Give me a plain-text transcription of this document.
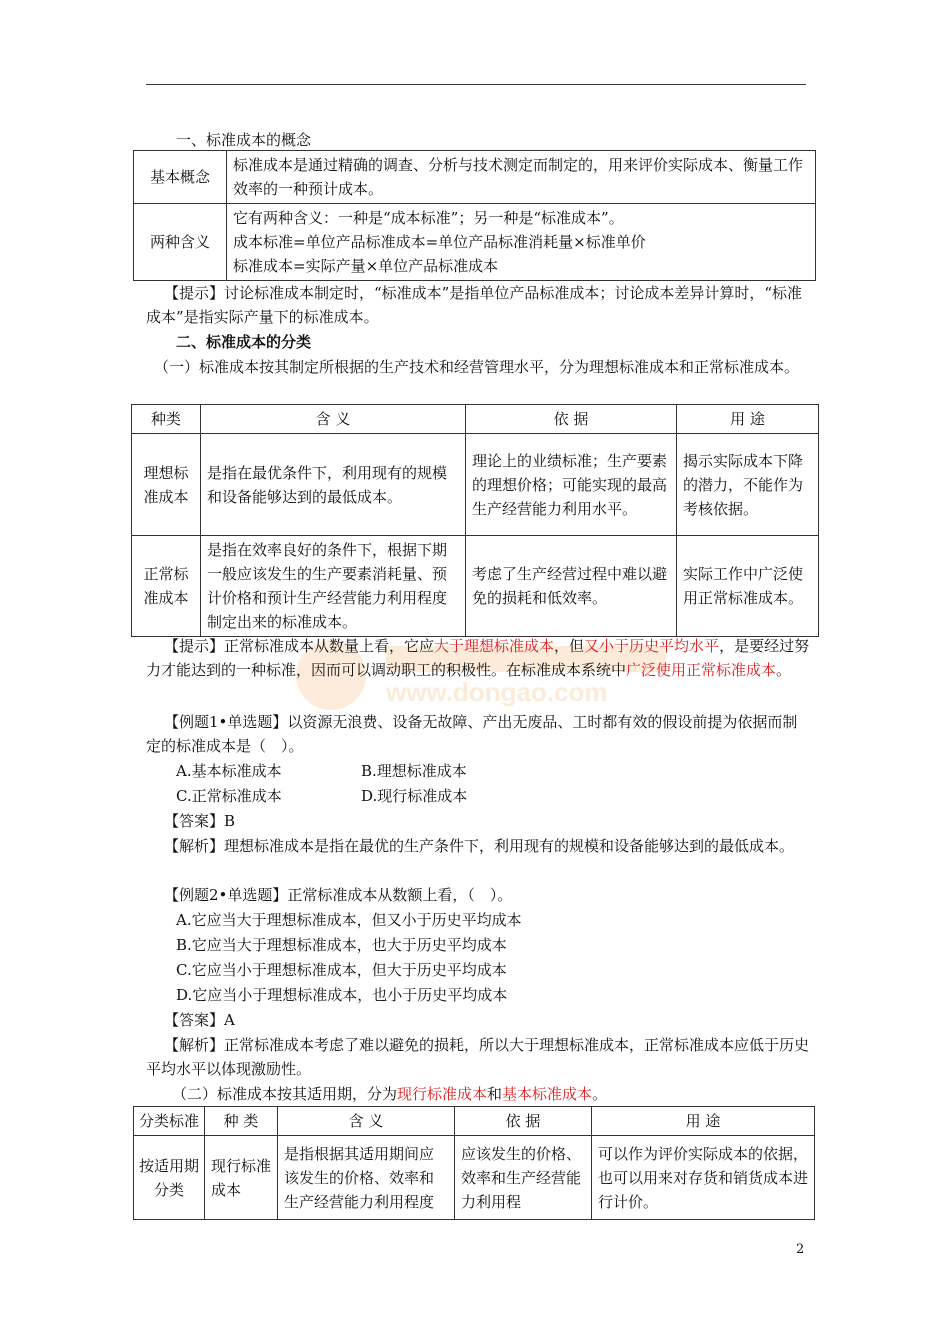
一、标准成本的概念
基本概念	标准成本是通过精确的调查、分析与技术测定而制定的，用来评价实际成本、衡量工作效率的一种预计成本。
两种含义	它有两种含义：一种是“成本标准”；另一种是“标准成本”。
成本标准=单位产品标准成本=单位产品标准消耗量×标准单价
标准成本=实际产量×单位产品标准成本
【提示】讨论标准成本制定时，“标准成本”是指单位产品标准成本；讨论成本差异计算时，“标准成本”是指实际产量下的标准成本。
二、标准成本的分类
（一）标准成本按其制定所根据的生产技术和经营管理水平，分为理想标准成本和正常标准成本。
种类	含 义	依 据	用 途
理想标准成本	是指在最优条件下，利用现有的规模和设备能够达到的最低成本。	理论上的业绩标准；生产要素的理想价格；可能实现的最高生产经营能力利用水平。	揭示实际成本下降的潜力，不能作为考核依据。
正常标准成本	是指在效率良好的条件下，根据下期一般应该发生的生产要素消耗量、预计价格和预计生产经营能力利用程度制定出来的标准成本。	考虑了生产经营过程中难以避免的损耗和低效率。	实际工作中广泛使用正常标准成本。
www.dongao.com
【提示】正常标准成本从数量上看，它应大于理想标准成本，但又小于历史平均水平，是要经过努力才能达到的一种标准，因而可以调动职工的积极性。在标准成本系统中广泛使用正常标准成本。
【例题1•单选题】以资源无浪费、设备无故障、产出无废品、工时都有效的假设前提为依据而制定的标准成本是（　）。
A.基本标准成本	B.理想标准成本
C.正常标准成本	D.现行标准成本
【答案】B
【解析】理想标准成本是指在最优的生产条件下，利用现有的规模和设备能够达到的最低成本。
【例题2•单选题】正常标准成本从数额上看，（　）。
A.它应当大于理想标准成本，但又小于历史平均成本
B.它应当大于理想标准成本，也大于历史平均成本
C.它应当小于理想标准成本，但大于历史平均成本
D.它应当小于理想标准成本，也小于历史平均成本
【答案】A
【解析】正常标准成本考虑了难以避免的损耗，所以大于理想标准成本，正常标准成本应低于历史平均水平以体现激励性。
（二）标准成本按其适用期，分为现行标准成本和基本标准成本。
分类标准	种 类	含 义	依 据	用 途
按适用期分类	现行标准成本	是指根据其适用期间应该发生的价格、效率和生产经营能力利用程度	应该发生的价格、效率和生产经营能力利用程	可以作为评价实际成本的依据，也可以用来对存货和销货成本进行计价。
2
